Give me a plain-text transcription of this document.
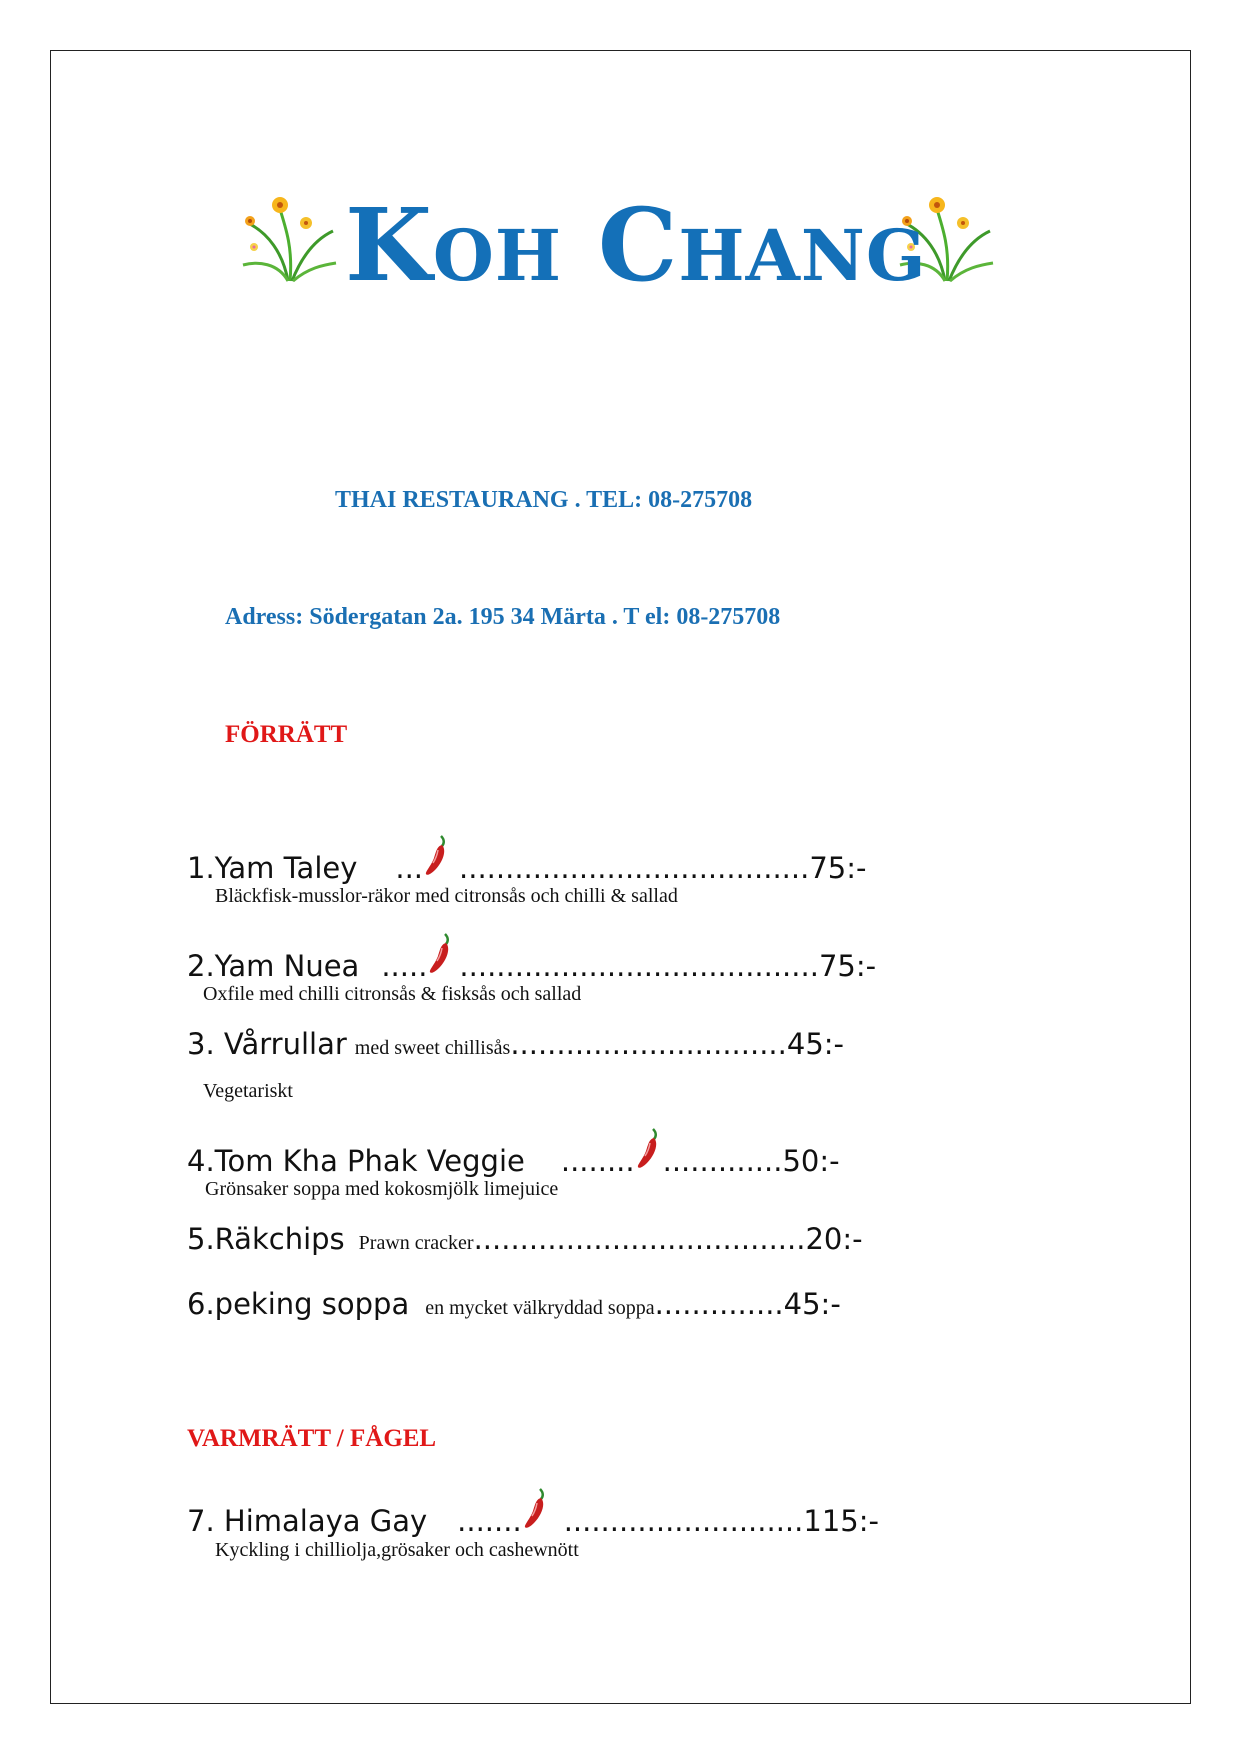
Koh Chang
THAI RESTAURANG . TEL: 08-275708
Adress: Södergatan 2a. 195 34 Märta . T el: 08-275708
FÖRRÄTT
1.Yam Taley ... ...................................... 75:-
Bläckfisk-musslor-räkor med citronsås och chilli & sallad
2.Yam Nuea ..... ....................................... 75:-
Oxfile med chilli citronsås & fisksås och sallad
3. Vårrullar med sweet chillisås .............................. 45:-
Vegetariskt
4.Tom Kha Phak Veggie ........ ............. 50:-
Grönsaker soppa med kokosmjölk limejuice
5.Räkchips Prawn cracker .................................... 20:-
6.peking soppa en mycket välkryddad soppa .............. 45:-
VARMRÄTT / FÅGEL
7. Himalaya Gay ....... .......................... 115:-
Kyckling i chilliolja,grösaker och cashewnött
